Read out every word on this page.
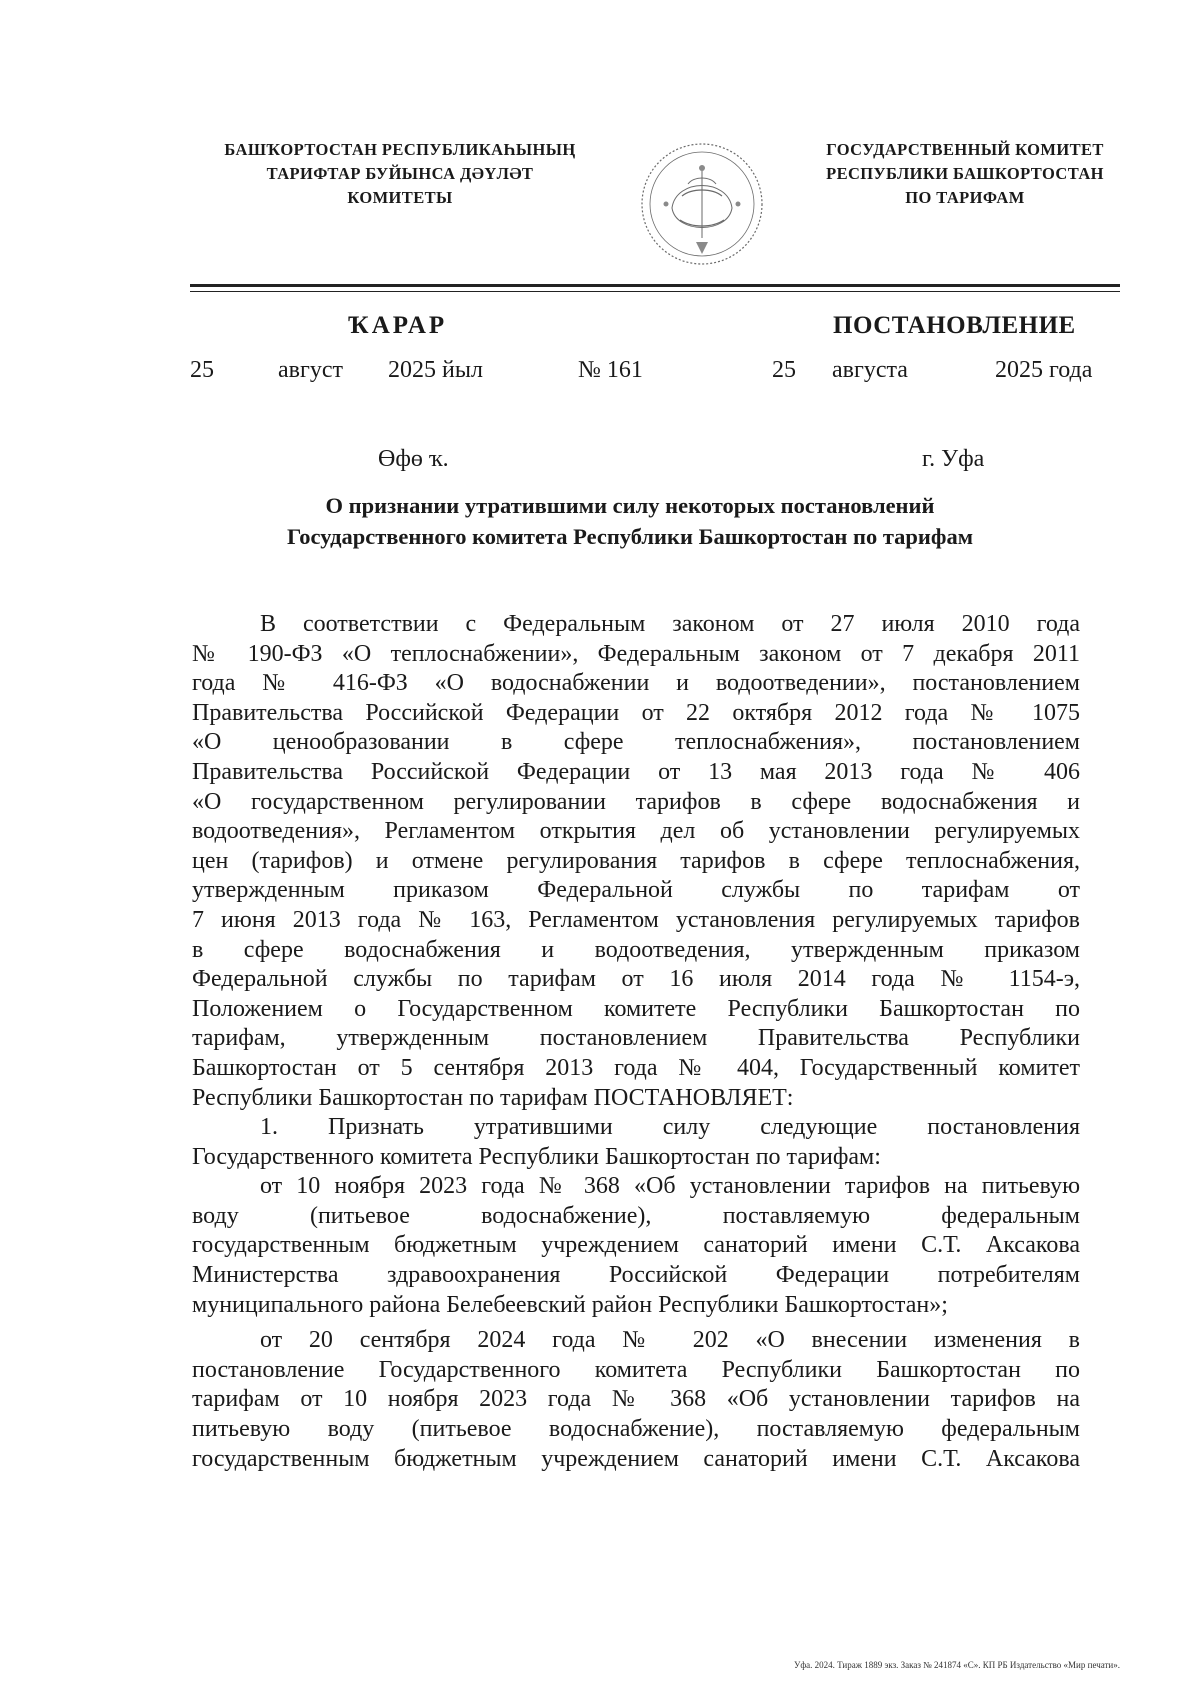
БАШҠОРТОСТАН РЕСПУБЛИКАҺЫНЫҢ
ТАРИФТАР БУЙЫНСА ДӘҮЛӘТ
КОМИТЕТЫ
ГОСУДАРСТВЕННЫЙ КОМИТЕТ
РЕСПУБЛИКИ БАШКОРТОСТАН
ПО ТАРИФАМ
ҠАРАР	ПОСТАНОВЛЕНИЕ
25	август 2025 йыл	№ 161	25 августа	2025 года
Өфө ҡ.	г. Уфа
О признании утратившими силу некоторых постановлений
Государственного комитета Республики Башкортостан по тарифам
В соответствии с Федеральным законом от 27 июля 2010 года
№ 190-ФЗ «О теплоснабжении», Федеральным законом от 7 декабря 2011
года № 416-ФЗ «О водоснабжении и водоотведении», постановлением
Правительства Российской Федерации от 22 октября 2012 года № 1075
«О ценообразовании в сфере теплоснабжения», постановлением
Правительства Российской Федерации от 13 мая 2013 года № 406
«О государственном регулировании тарифов в сфере водоснабжения и
водоотведения», Регламентом открытия дел об установлении регулируемых
цен (тарифов) и отмене регулирования тарифов в сфере теплоснабжения,
утвержденным приказом Федеральной службы по тарифам от
7 июня 2013 года № 163, Регламентом установления регулируемых тарифов
в сфере водоснабжения и водоотведения, утвержденным приказом
Федеральной службы по тарифам от 16 июля 2014 года № 1154-э,
Положением о Государственном комитете Республики Башкортостан по
тарифам, утвержденным постановлением Правительства Республики
Башкортостан от 5 сентября 2013 года № 404, Государственный комитет
Республики Башкортостан по тарифам ПОСТАНОВЛЯЕТ:
1. Признать утратившими силу следующие постановления
Государственного комитета Республики Башкортостан по тарифам:
от 10 ноября 2023 года № 368 «Об установлении тарифов на питьевую
воду (питьевое водоснабжение), поставляемую федеральным
государственным бюджетным учреждением санаторий имени С.Т. Аксакова
Министерства здравоохранения Российской Федерации потребителям
муниципального района Белебеевский район Республики Башкортостан»;
от 20 сентября 2024 года № 202 «О внесении изменения в
постановление Государственного комитета Республики Башкортостан по
тарифам от 10 ноября 2023 года № 368 «Об установлении тарифов на
питьевую воду (питьевое водоснабжение), поставляемую федеральным
государственным бюджетным учреждением санаторий имени С.Т. Аксакова
Уфа. 2024. Тираж 1889 экз. Заказ № 241874 «С». КП РБ Издательство «Мир печати».
